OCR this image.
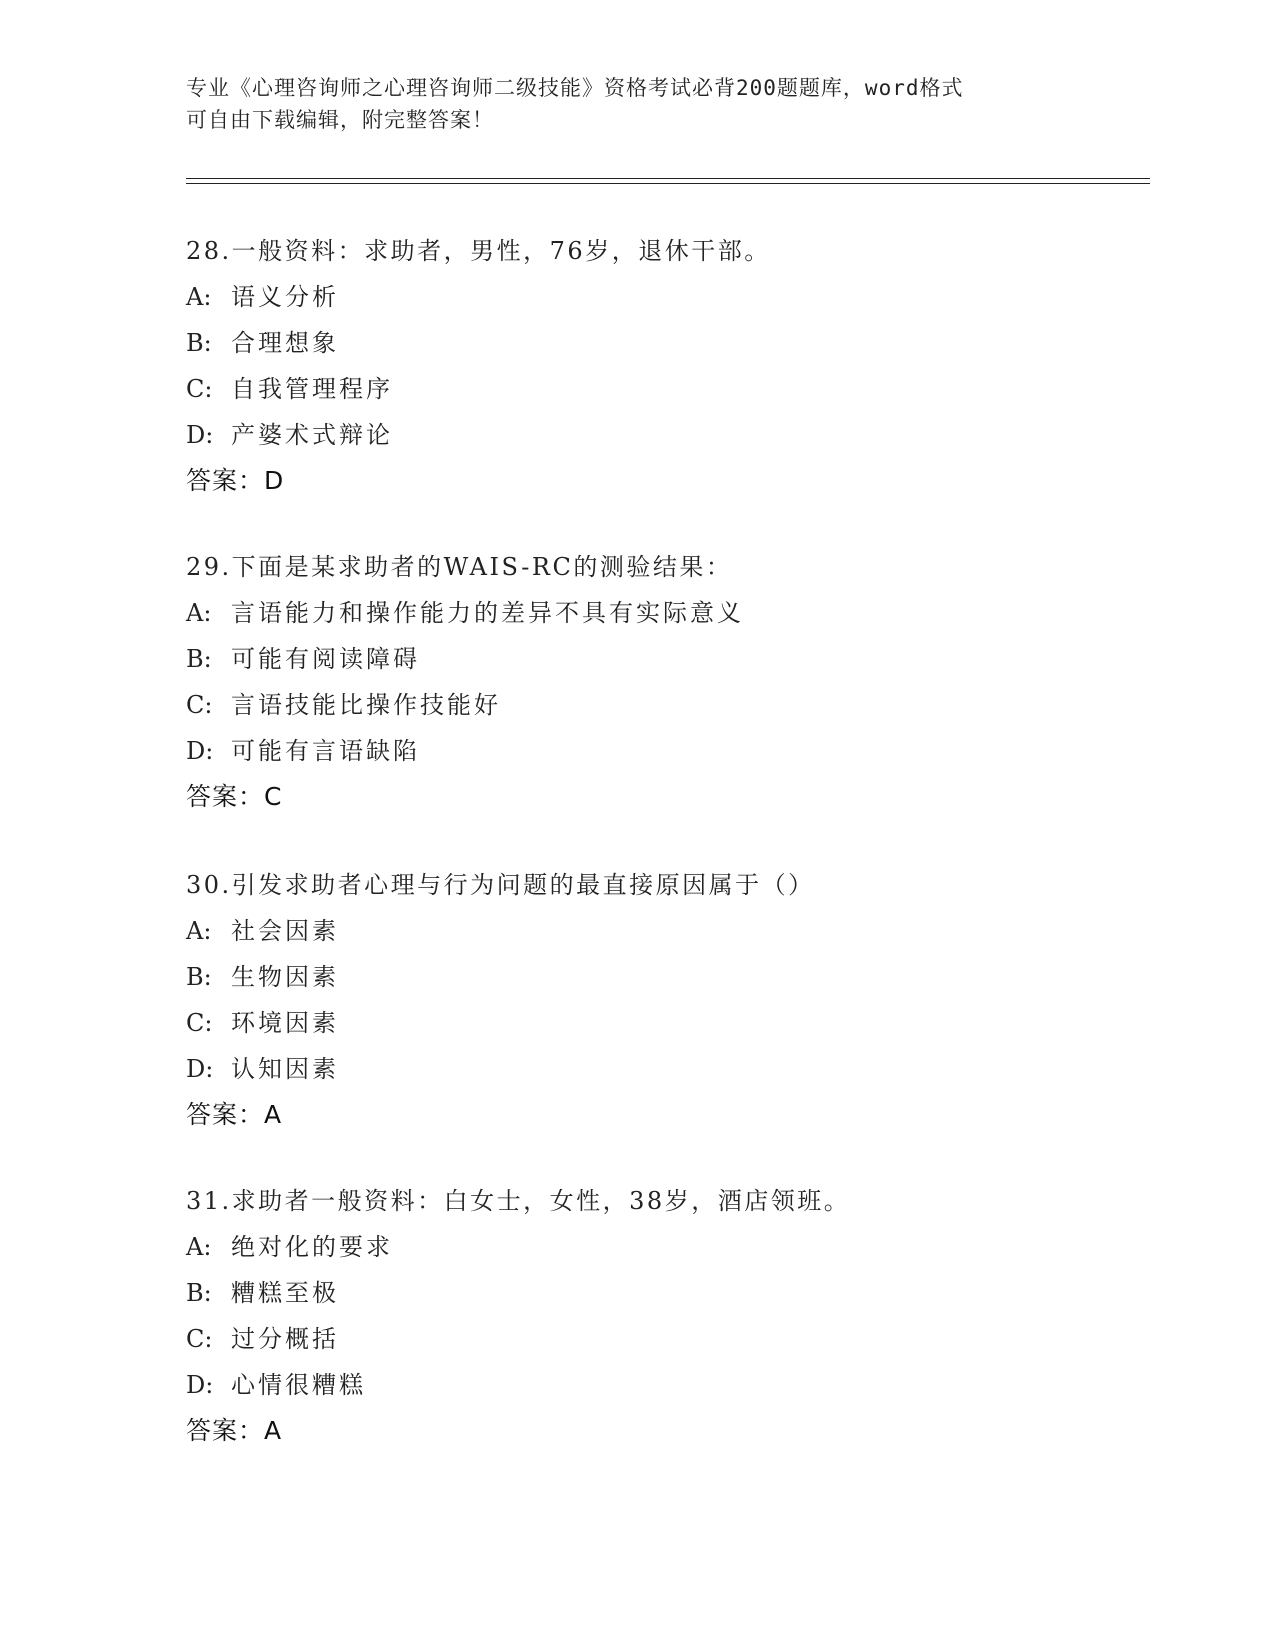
专业《心理咨询师之心理咨询师二级技能》资格考试必背200题题库，word格式
可自由下载编辑，附完整答案！
28.一般资料：求助者，男性，76岁，退休干部。
A: 语义分析
B: 合理想象
C: 自我管理程序
D: 产婆术式辩论
答案：D
29.下面是某求助者的WAIS-RC的测验结果：
A: 言语能力和操作能力的差异不具有实际意义
B: 可能有阅读障碍
C: 言语技能比操作技能好
D: 可能有言语缺陷
答案：C
30.引发求助者心理与行为问题的最直接原因属于（）
A: 社会因素
B: 生物因素
C: 环境因素
D: 认知因素
答案：A
31.求助者一般资料：白女士，女性，38岁，酒店领班。
A: 绝对化的要求
B: 糟糕至极
C: 过分概括
D: 心情很糟糕
答案：A
